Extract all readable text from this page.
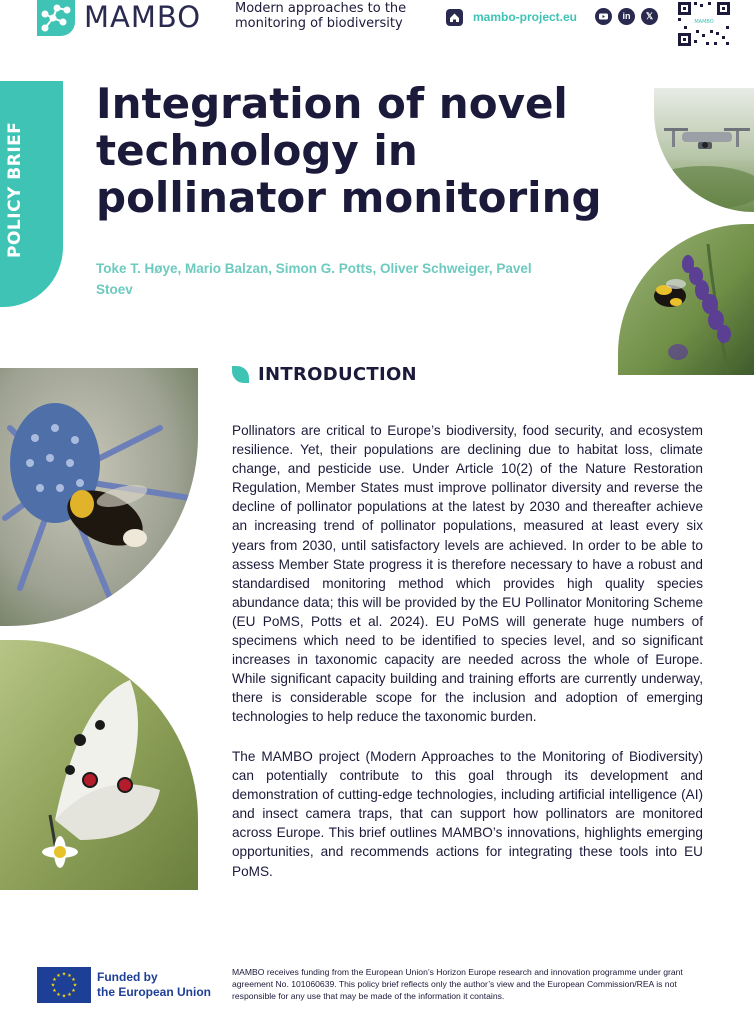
MAMBO	Modern approaches to the monitoring of biodiversity	mambo-project.eu	in	𝕏
MAMBO
POLICY BRIEF
Integration of novel technology in pollinator monitoring
Toke T. Høye, Mario Balzan, Simon G. Potts, Oliver Schweiger, Pavel Stoev
INTRODUCTION

Pollinators are critical to Europe’s biodiversity, food security, and ecosystem resilience. Yet, their populations are declining due to habitat loss, climate change, and pesticide use. Under Article 10(2) of the Nature Restoration Regulation, Member States must improve pollinator diversity and reverse the decline of pollinator populations at the latest by 2030 and thereafter achieve an increasing trend of pollinator populations, measured at least every six years from 2030, until satisfactory levels are achieved. In order to be able to assess Member State progress it is therefore necessary to have a robust and standardised monitoring method which provides high quality species abundance data; this will be provided by the EU Pollinator Monitoring Scheme (EU PoMS, Potts et al. 2024). EU PoMS will generate huge numbers of specimens which need to be identified to species level, and so significant increases in taxonomic capacity are needed across the whole of Europe. While significant capacity building and training efforts are currently underway, there is considerable scope for the inclusion and adoption of emerging technologies to help reduce the taxonomic burden.

The MAMBO project (Modern Approaches to the Monitoring of Biodiversity) can potentially contribute to this goal through its development and demonstration of cutting-edge technologies, including artificial intelligence (AI) and insect camera traps, that can support how pollinators are monitored across Europe. This brief outlines MAMBO’s innovations, highlights emerging opportunities, and recommends actions for integrating these tools into EU PoMS.

★ ★
★
★
★
★
★
★
★
★
★
★	Funded by
the European Union

MAMBO receives funding from the European Union’s Horizon Europe research and innovation programme under grant agreement No. 101060639. This policy brief reflects only the author’s view and the European Commission/REA is not responsible for any use that may be made of the information it contains.
